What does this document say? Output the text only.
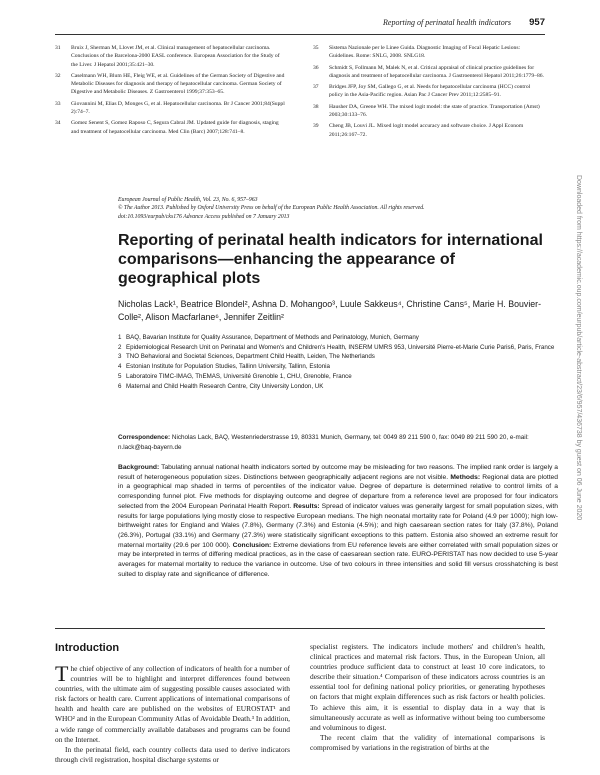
Reporting of perinatal health indicators 957
31	Bruix J, Sherman M, Llovet JM, et al. Clinical management of hepatocellular carcinoma. Conclusions of the Barcelona-2000 EASL conference. European Association for the Study of the Liver. J Hepatol 2001;35:421–30.
32	Caselmann WH, Blum HE, Fleig WE, et al. Guidelines of the German Society of Digestive and Metabolic Diseases for diagnosis and therapy of hepatocellular carcinoma. German Society of Digestive and Metabolic Diseases. Z Gastroenterol 1999;37:353–65.
33	Giovannini M, Elias D, Monges G, et al. Hepatocellular carcinoma. Br J Cancer 2001;84(Suppl 2):74–7.
34	Gomez Senent S, Gomez Raposo C, Segura Cabral JM. Updated guide for diagnosis, staging and treatment of hepatocellular carcinoma. Med Clin (Barc) 2007;128:741–8.
35	Sistema Nazionale per le Linee Guida. Diagnostic Imaging of Focal Hepatic Lesions: Guidelines. Rome: SNLG, 2008. SNLG18.
36	Schmidt S, Follmann M, Malek N, et al. Critical appraisal of clinical practice guidelines for diagnosis and treatment of hepatocellular carcinoma. J Gastroenterol Hepatol 2011;26:1779–86.
37	Bridges JFP, Joy SM, Gallego G, et al. Needs for hepatocellular carcinoma (HCC) control policy in the Asia-Pacific region. Asian Pac J Cancer Prev 2011;12:2585–91.
38	Hausher DA, Greene WH. The mixed logit model: the state of practice. Transportation (Amst) 2003;30:133–76.
39	Cheng JB, Louvi JL. Mixed logit model accuracy and software choice. J Appl Econom 2011;26:167–72.
European Journal of Public Health, Vol. 23, No. 6, 957–963
© The Author 2013. Published by Oxford University Press on behalf of the European Public Health Association. All rights reserved.
doi:10.1093/eurpub/cks176 Advance Access published on 7 January 2013
Reporting of perinatal health indicators for international comparisons—enhancing the appearance of geographical plots
Nicholas Lack¹, Beatrice Blondel², Ashna D. Mohangoo³, Luule Sakkeus⁴, Christine Cans⁵, Marie H. Bouvier-Colle², Alison Macfarlane⁶, Jennifer Zeitlin²
1 BAQ, Bavarian Institute for Quality Assurance, Department of Methods and Perinatology, Munich, Germany
2 Epidemiological Research Unit on Perinatal and Women's and Children's Health, INSERM UMRS 953, Université Pierre-et-Marie Curie Paris6, Paris, France
3 TNO Behavioral and Societal Sciences, Department Child Health, Leiden, The Netherlands
4 Estonian Institute for Population Studies, Tallinn University, Tallinn, Estonia
5 Laboratoire TIMC-IMAG, ThEMAS, Université Grenoble 1, CHU, Grenoble, France
6 Maternal and Child Health Research Centre, City University London, UK
Correspondence: Nicholas Lack, BAQ, Westenriederstrasse 19, 80331 Munich, Germany, tel: 0049 89 211 590 0, fax: 0049 89 211 590 20, e-mail: n.lack@baq-bayern.de
Background: Tabulating annual national health indicators sorted by outcome may be misleading for two reasons. The implied rank order is largely a result of heterogeneous population sizes. Distinctions between geographically adjacent regions are not visible. Methods: Regional data are plotted in a geographical map shaded in terms of percentiles of the indicator value. Degree of departure is determined relative to control limits of a corresponding funnel plot. Five methods for displaying outcome and degree of departure from a reference level are proposed for four indicators selected from the 2004 European Perinatal Health Report. Results: Spread of indicator values was generally largest for small population sizes, with results for large populations lying mostly close to respective European medians. The high neonatal mortality rate for Poland (4.9 per 1000); high low-birthweight rates for England and Wales (7.8%), Germany (7.3%) and Estonia (4.5%); and high caesarean section rates for Italy (37.8%), Poland (26.3%), Portugal (33.1%) and Germany (27.3%) were statistically significant exceptions to this pattern. Estonia also showed an extreme result for maternal mortality (29.6 per 100 000). Conclusion: Extreme deviations from EU reference levels are either correlated with small population sizes or may be interpreted in terms of differing medical practices, as in the case of caesarean section rate. EURO-PERISTAT has now decided to use 5-year averages for maternal mortality to reduce the variance in outcome. Use of two colours in three intensities and solid fill versus crosshatching is best suited to display rate and significance of difference.
Introduction

The chief objective of any collection of indicators of health for a number of countries will be to highlight and interpret differences found between countries, with the ultimate aim of suggesting possible causes associated with risk factors or health care. Current applications of international comparisons of health and health care are published on the websites of EUROSTAT¹ and WHO² and in the European Community Atlas of Avoidable Death.³ In addition, a wide range of commercially available databases and programs can be found on the Internet.

In the perinatal field, each country collects data used to derive indicators through civil registration, hospital discharge systems or

specialist registers. The indicators include mothers' and children's health, clinical practices and maternal risk factors. Thus, in the European Union, all countries produce sufficient data to construct at least 10 core indicators, to describe their situation.⁴ Comparison of these indicators across countries is an essential tool for defining national policy priorities, or generating hypotheses on factors that might explain differences such as risk factors or health policies. To achieve this aim, it is essential to display data in a way that is simultaneously accurate as well as informative without being too cumbersome and voluminous to digest.

The recent claim that the validity of international comparisons is compromised by variations in the registration of births at the

Downloaded from https://academic.oup.com/eurpub/article-abstract/23/6/957/436738 by guest on 06 June 2020
